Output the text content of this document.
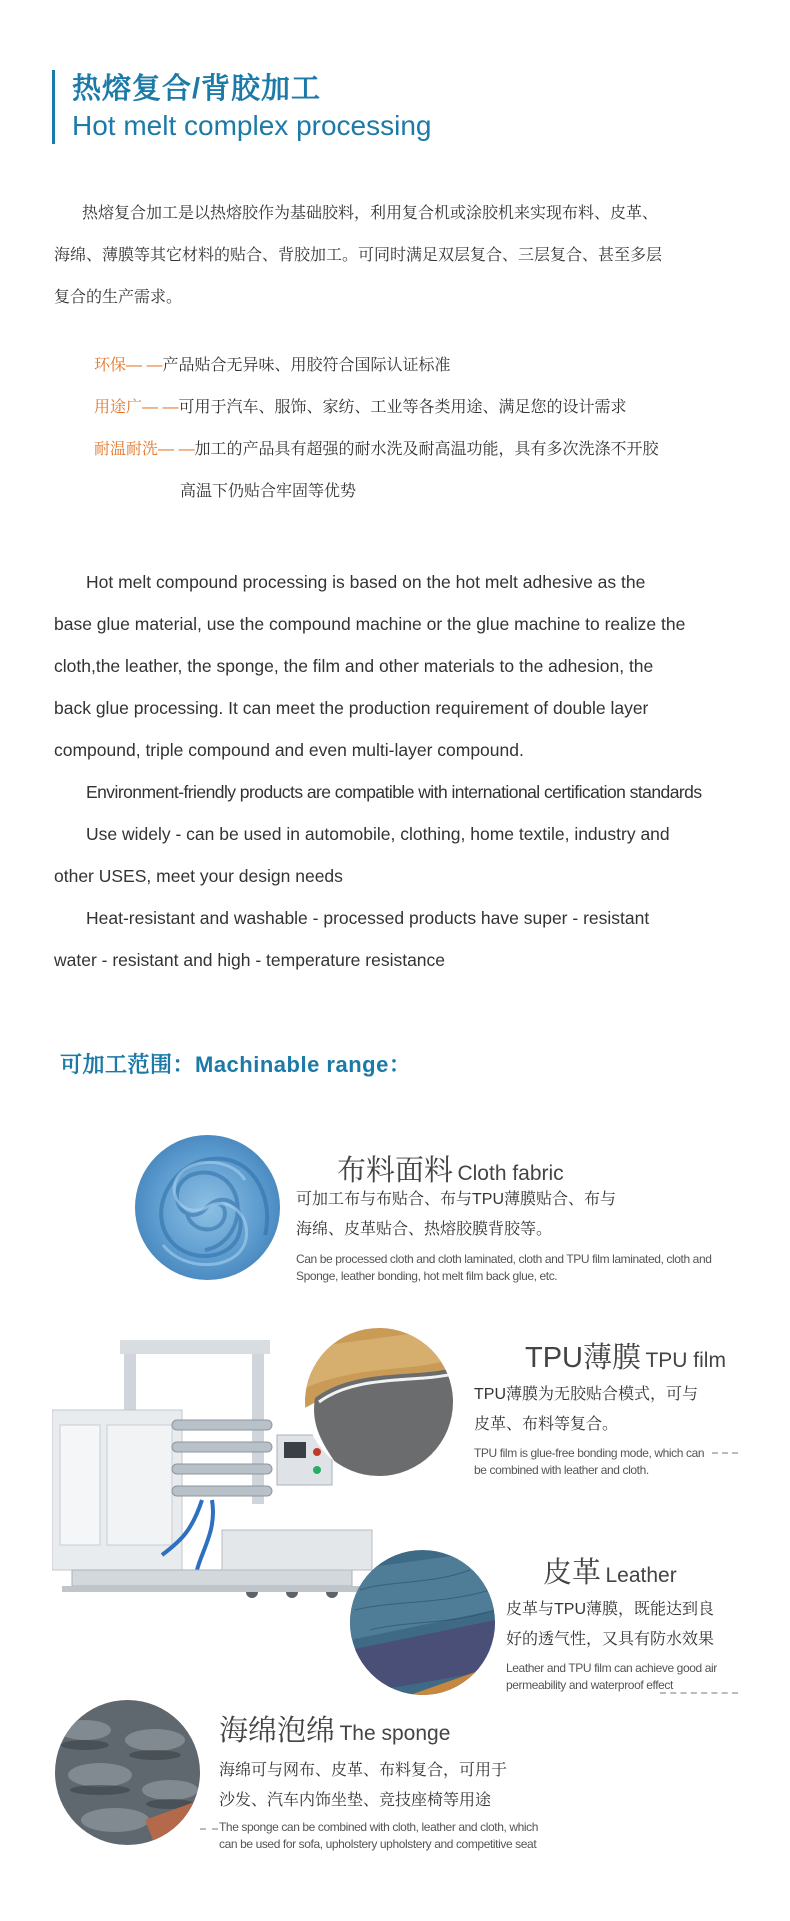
热熔复合/背胶加工
Hot melt complex processing
热熔复合加工是以热熔胶作为基础胶料，利用复合机或涂胶机来实现布料、皮革、
海绵、薄膜等其它材料的贴合、背胶加工。可同时满足双层复合、三层复合、甚至多层
复合的生产需求。
环保— —产品贴合无异味、用胶符合国际认证标准
用途广— —可用于汽车、服饰、家纺、工业等各类用途、满足您的设计需求
耐温耐洗— —加工的产品具有超强的耐水洗及耐高温功能，具有多次洗涤不开胶
高温下仍贴合牢固等优势
Hot melt compound processing is based on the hot melt adhesive as the
base glue material, use the compound machine or the glue machine to realize the
cloth,the leather, the sponge, the film and other materials to the adhesion, the
back glue processing. It can meet the production requirement of double layer
compound, triple compound and even multi-layer compound.
Environment-friendly products are compatible with international certification standards
Use widely - can be used in automobile, clothing, home textile, industry and
other USES, meet your design needs
Heat-resistant and washable - processed products have super - resistant
water - resistant and high - temperature resistance
可加工范围：Machinable range：
布料面料 Cloth fabric
可加工布与布贴合、布与TPU薄膜贴合、布与
海绵、皮革贴合、热熔胶膜背胶等。
Can be processed cloth and cloth laminated, cloth and TPU film laminated, cloth and
Sponge, leather bonding, hot melt film back glue, etc.
TPU薄膜 TPU film
TPU薄膜为无胶贴合模式，可与
皮革、布料等复合。
TPU film is glue-free bonding mode, which can
be combined with leather and cloth.
皮革 Leather
皮革与TPU薄膜，既能达到良
好的透气性，又具有防水效果
Leather and TPU film can achieve good air
permeability and waterproof effect
海绵泡绵 The sponge
海绵可与网布、皮革、布料复合，可用于
沙发、汽车内饰坐垫、竞技座椅等用途
The sponge can be combined with cloth, leather and cloth, which
can be used for sofa, upholstery upholstery and competitive seat
